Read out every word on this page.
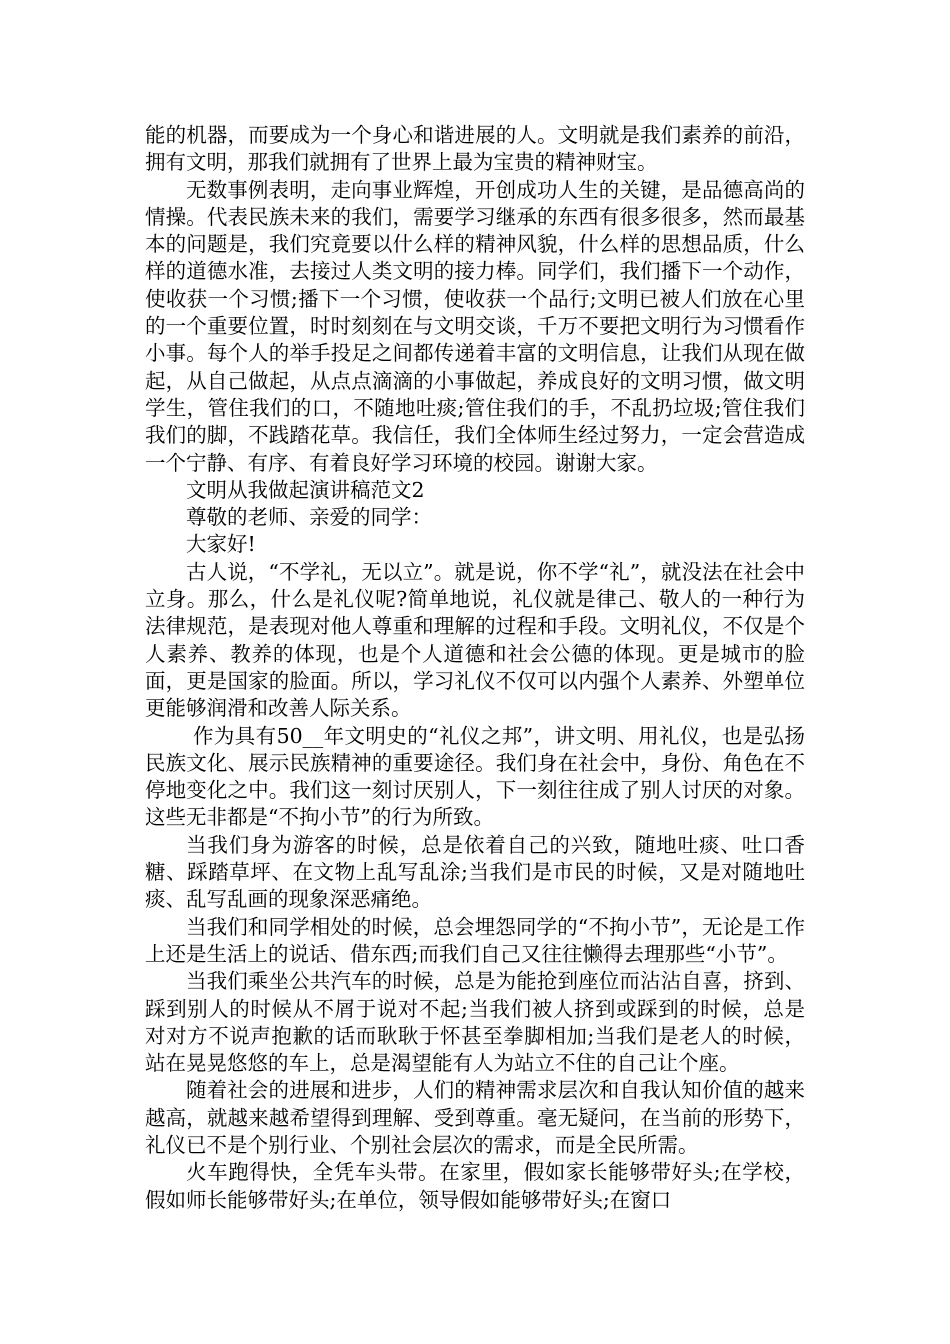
能的机器，而要成为一个身心和谐进展的人。文明就是我们素养的前沿，拥有文明，那我们就拥有了世界上最为宝贵的精神财宝。

无数事例表明，走向事业辉煌，开创成功人生的关键，是品德高尚的情操。代表民族未来的我们，需要学习继承的东西有很多很多，然而最基本的问题是，我们究竟要以什么样的精神风貌，什么样的思想品质，什么样的道德水准，去接过人类文明的接力棒。同学们，我们播下一个动作，使收获一个习惯;播下一个习惯，使收获一个品行;文明已被人们放在心里的一个重要位置，时时刻刻在与文明交谈，千万不要把文明行为习惯看作小事。每个人的举手投足之间都传递着丰富的文明信息，让我们从现在做起，从自己做起，从点点滴滴的小事做起，养成良好的文明习惯，做文明学生，管住我们的口，不随地吐痰;管住我们的手，不乱扔垃圾;管住我们我们的脚，不践踏花草。我信任，我们全体师生经过努力，一定会营造成一个宁静、有序、有着良好学习环境的校园。谢谢大家。

文明从我做起演讲稿范文2

尊敬的老师、亲爱的同学：

大家好!

古人说，“不学礼，无以立”。就是说，你不学“礼”，就没法在社会中立身。那么，什么是礼仪呢?简单地说，礼仪就是律己、敬人的一种行为法律规范，是表现对他人尊重和理解的过程和手段。文明礼仪，不仅是个人素养、教养的体现，也是个人道德和社会公德的体现。更是城市的脸面，更是国家的脸面。所以，学习礼仪不仅可以内强个人素养、外塑单位更能够润滑和改善人际关系。

作为具有50__年文明史的“礼仪之邦”，讲文明、用礼仪，也是弘扬民族文化、展示民族精神的重要途径。我们身在社会中，身份、角色在不停地变化之中。我们这一刻讨厌别人，下一刻往往成了别人讨厌的对象。这些无非都是“不拘小节”的行为所致。

当我们身为游客的时候，总是依着自己的兴致，随地吐痰、吐口香糖、踩踏草坪、在文物上乱写乱涂;当我们是市民的时候，又是对随地吐痰、乱写乱画的现象深恶痛绝。

当我们和同学相处的时候，总会埋怨同学的“不拘小节”，无论是工作上还是生活上的说话、借东西;而我们自己又往往懒得去理那些“小节”。

当我们乘坐公共汽车的时候，总是为能抢到座位而沾沾自喜，挤到、踩到别人的时候从不屑于说对不起;当我们被人挤到或踩到的时候，总是对对方不说声抱歉的话而耿耿于怀甚至拳脚相加;当我们是老人的时候，站在晃晃悠悠的车上，总是渴望能有人为站立不住的自己让个座。

随着社会的进展和进步，人们的精神需求层次和自我认知价值的越来越高，就越来越希望得到理解、受到尊重。毫无疑问，在当前的形势下，礼仪已不是个别行业、个别社会层次的需求，而是全民所需。

火车跑得快，全凭车头带。在家里，假如家长能够带好头;在学校，假如师长能够带好头;在单位，领导假如能够带好头;在窗口
